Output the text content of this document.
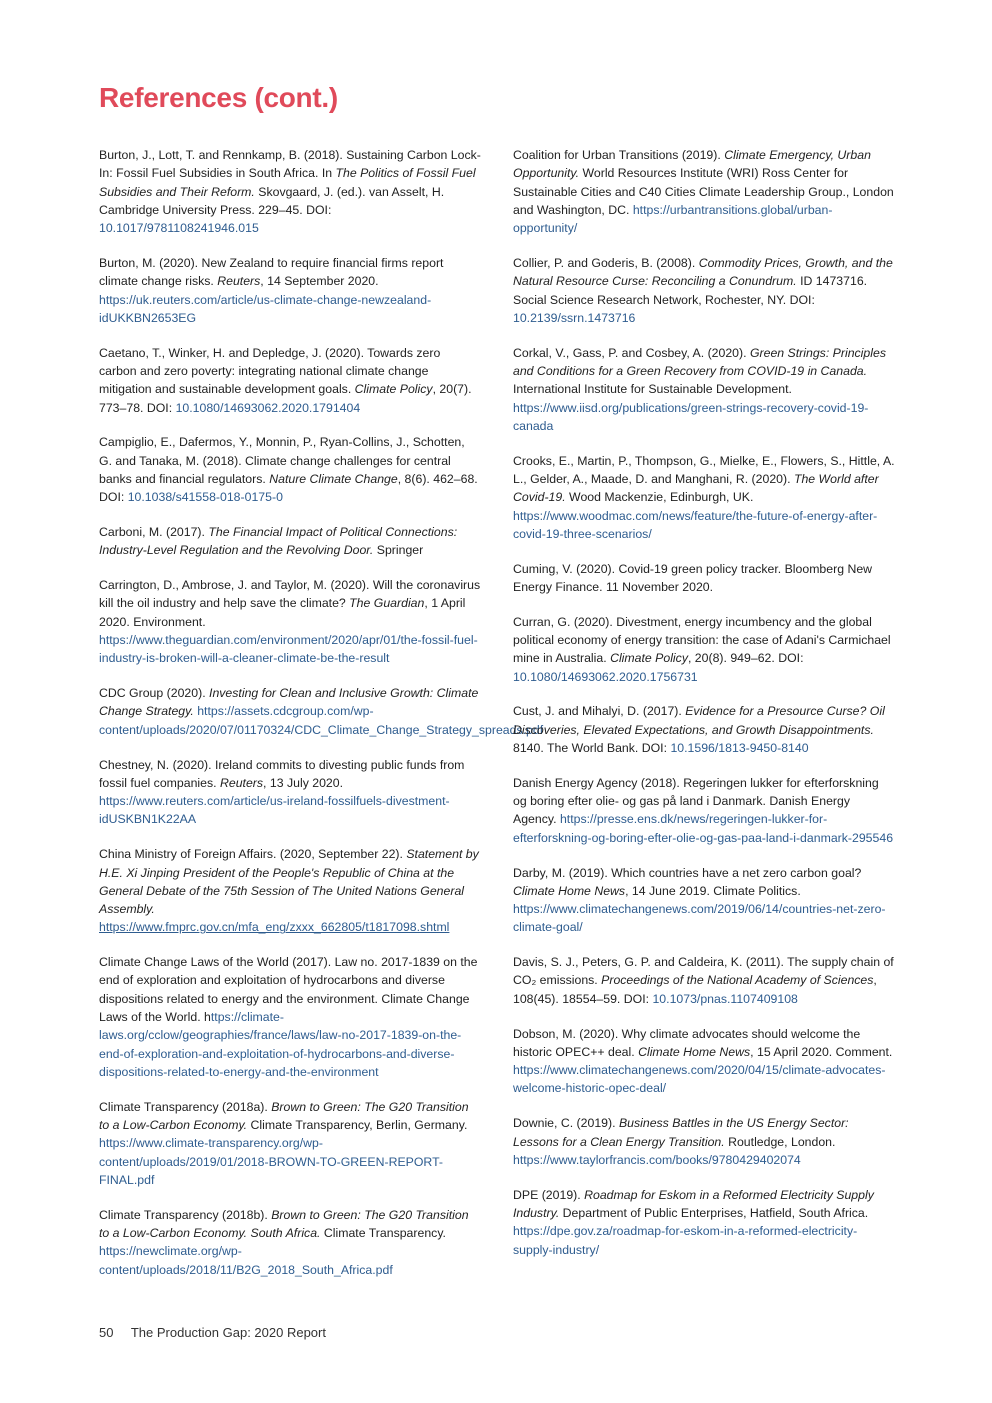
References (cont.)

Burton, J., Lott, T. and Rennkamp, B. (2018). Sustaining Carbon Lock-In: Fossil Fuel Subsidies in South Africa. In The Politics of Fossil Fuel Subsidies and Their Reform. Skovgaard, J. (ed.). van Asselt, H. Cambridge University Press. 229–45. DOI: 10.1017/9781108241946.015

Burton, M. (2020). New Zealand to require financial firms report climate change risks. Reuters, 14 September 2020. https://uk.reuters.com/article/us-climate-change-newzealand-idUKKBN2653EG

Caetano, T., Winker, H. and Depledge, J. (2020). Towards zero carbon and zero poverty: integrating national climate change mitigation and sustainable development goals. Climate Policy, 20(7). 773–78. DOI: 10.1080/14693062.2020.1791404

Campiglio, E., Dafermos, Y., Monnin, P., Ryan-Collins, J., Schotten, G. and Tanaka, M. (2018). Climate change challenges for central banks and financial regulators. Nature Climate Change, 8(6). 462–68. DOI: 10.1038/s41558-018-0175-0

Carboni, M. (2017). The Financial Impact of Political Connections: Industry-Level Regulation and the Revolving Door. Springer

Carrington, D., Ambrose, J. and Taylor, M. (2020). Will the coronavirus kill the oil industry and help save the climate? The Guardian, 1 April 2020. Environment. https://www.theguardian.com/environment/2020/apr/01/the-fossil-fuel-industry-is-broken-will-a-cleaner-climate-be-the-result

CDC Group (2020). Investing for Clean and Inclusive Growth: Climate Change Strategy. https://assets.cdcgroup.com/wp-content/uploads/2020/07/01170324/CDC_Climate_Change_Strategy_spreads.pdf

Chestney, N. (2020). Ireland commits to divesting public funds from fossil fuel companies. Reuters, 13 July 2020. https://www.reuters.com/article/us-ireland-fossilfuels-divestment-idUSKBN1K22AA

China Ministry of Foreign Affairs. (2020, September 22). Statement by H.E. Xi Jinping President of the People's Republic of China at the General Debate of the 75th Session of The United Nations General Assembly. https://www.fmprc.gov.cn/mfa_eng/zxxx_662805/t1817098.shtml

Climate Change Laws of the World (2017). Law no. 2017-1839 on the end of exploration and exploitation of hydrocarbons and diverse dispositions related to energy and the environment. Climate Change Laws of the World. https://climate-laws.org/cclow/geographies/france/laws/law-no-2017-1839-on-the-end-of-exploration-and-exploitation-of-hydrocarbons-and-diverse-dispositions-related-to-energy-and-the-environment

Climate Transparency (2018a). Brown to Green: The G20 Transition to a Low-Carbon Economy. Climate Transparency, Berlin, Germany. https://www.climate-transparency.org/wp-content/uploads/2019/01/2018-BROWN-TO-GREEN-REPORT-FINAL.pdf

Climate Transparency (2018b). Brown to Green: The G20 Transition to a Low-Carbon Economy. South Africa. Climate Transparency. https://newclimate.org/wp-content/uploads/2018/11/B2G_2018_South_Africa.pdf

Coalition for Urban Transitions (2019). Climate Emergency, Urban Opportunity. World Resources Institute (WRI) Ross Center for Sustainable Cities and C40 Cities Climate Leadership Group., London and Washington, DC. https://urbantransitions.global/urban-opportunity/

Collier, P. and Goderis, B. (2008). Commodity Prices, Growth, and the Natural Resource Curse: Reconciling a Conundrum. ID 1473716. Social Science Research Network, Rochester, NY. DOI: 10.2139/ssrn.1473716

Corkal, V., Gass, P. and Cosbey, A. (2020). Green Strings: Principles and Conditions for a Green Recovery from COVID-19 in Canada. International Institute for Sustainable Development. https://www.iisd.org/publications/green-strings-recovery-covid-19-canada

Crooks, E., Martin, P., Thompson, G., Mielke, E., Flowers, S., Hittle, A. L., Gelder, A., Maade, D. and Manghani, R. (2020). The World after Covid-19. Wood Mackenzie, Edinburgh, UK. https://www.woodmac.com/news/feature/the-future-of-energy-after-covid-19-three-scenarios/

Cuming, V. (2020). Covid-19 green policy tracker. Bloomberg New Energy Finance. 11 November 2020.

Curran, G. (2020). Divestment, energy incumbency and the global political economy of energy transition: the case of Adani's Carmichael mine in Australia. Climate Policy, 20(8). 949–62. DOI: 10.1080/14693062.2020.1756731

Cust, J. and Mihalyi, D. (2017). Evidence for a Presource Curse? Oil Discoveries, Elevated Expectations, and Growth Disappointments. 8140. The World Bank. DOI: 10.1596/1813-9450-8140

Danish Energy Agency (2018). Regeringen lukker for efterforskning og boring efter olie- og gas på land i Danmark. Danish Energy Agency. https://presse.ens.dk/news/regeringen-lukker-for-efterforskning-og-boring-efter-olie-og-gas-paa-land-i-danmark-295546

Darby, M. (2019). Which countries have a net zero carbon goal? Climate Home News, 14 June 2019. Climate Politics. https://www.climatechangenews.com/2019/06/14/countries-net-zero-climate-goal/

Davis, S. J., Peters, G. P. and Caldeira, K. (2011). The supply chain of CO₂ emissions. Proceedings of the National Academy of Sciences, 108(45). 18554–59. DOI: 10.1073/pnas.1107409108

Dobson, M. (2020). Why climate advocates should welcome the historic OPEC++ deal. Climate Home News, 15 April 2020. Comment. https://www.climatechangenews.com/2020/04/15/climate-advocates-welcome-historic-opec-deal/

Downie, C. (2019). Business Battles in the US Energy Sector: Lessons for a Clean Energy Transition. Routledge, London. https://www.taylorfrancis.com/books/9780429402074

DPE (2019). Roadmap for Eskom in a Reformed Electricity Supply Industry. Department of Public Enterprises, Hatfield, South Africa. https://dpe.gov.za/roadmap-for-eskom-in-a-reformed-electricity-supply-industry/

50 The Production Gap: 2020 Report
